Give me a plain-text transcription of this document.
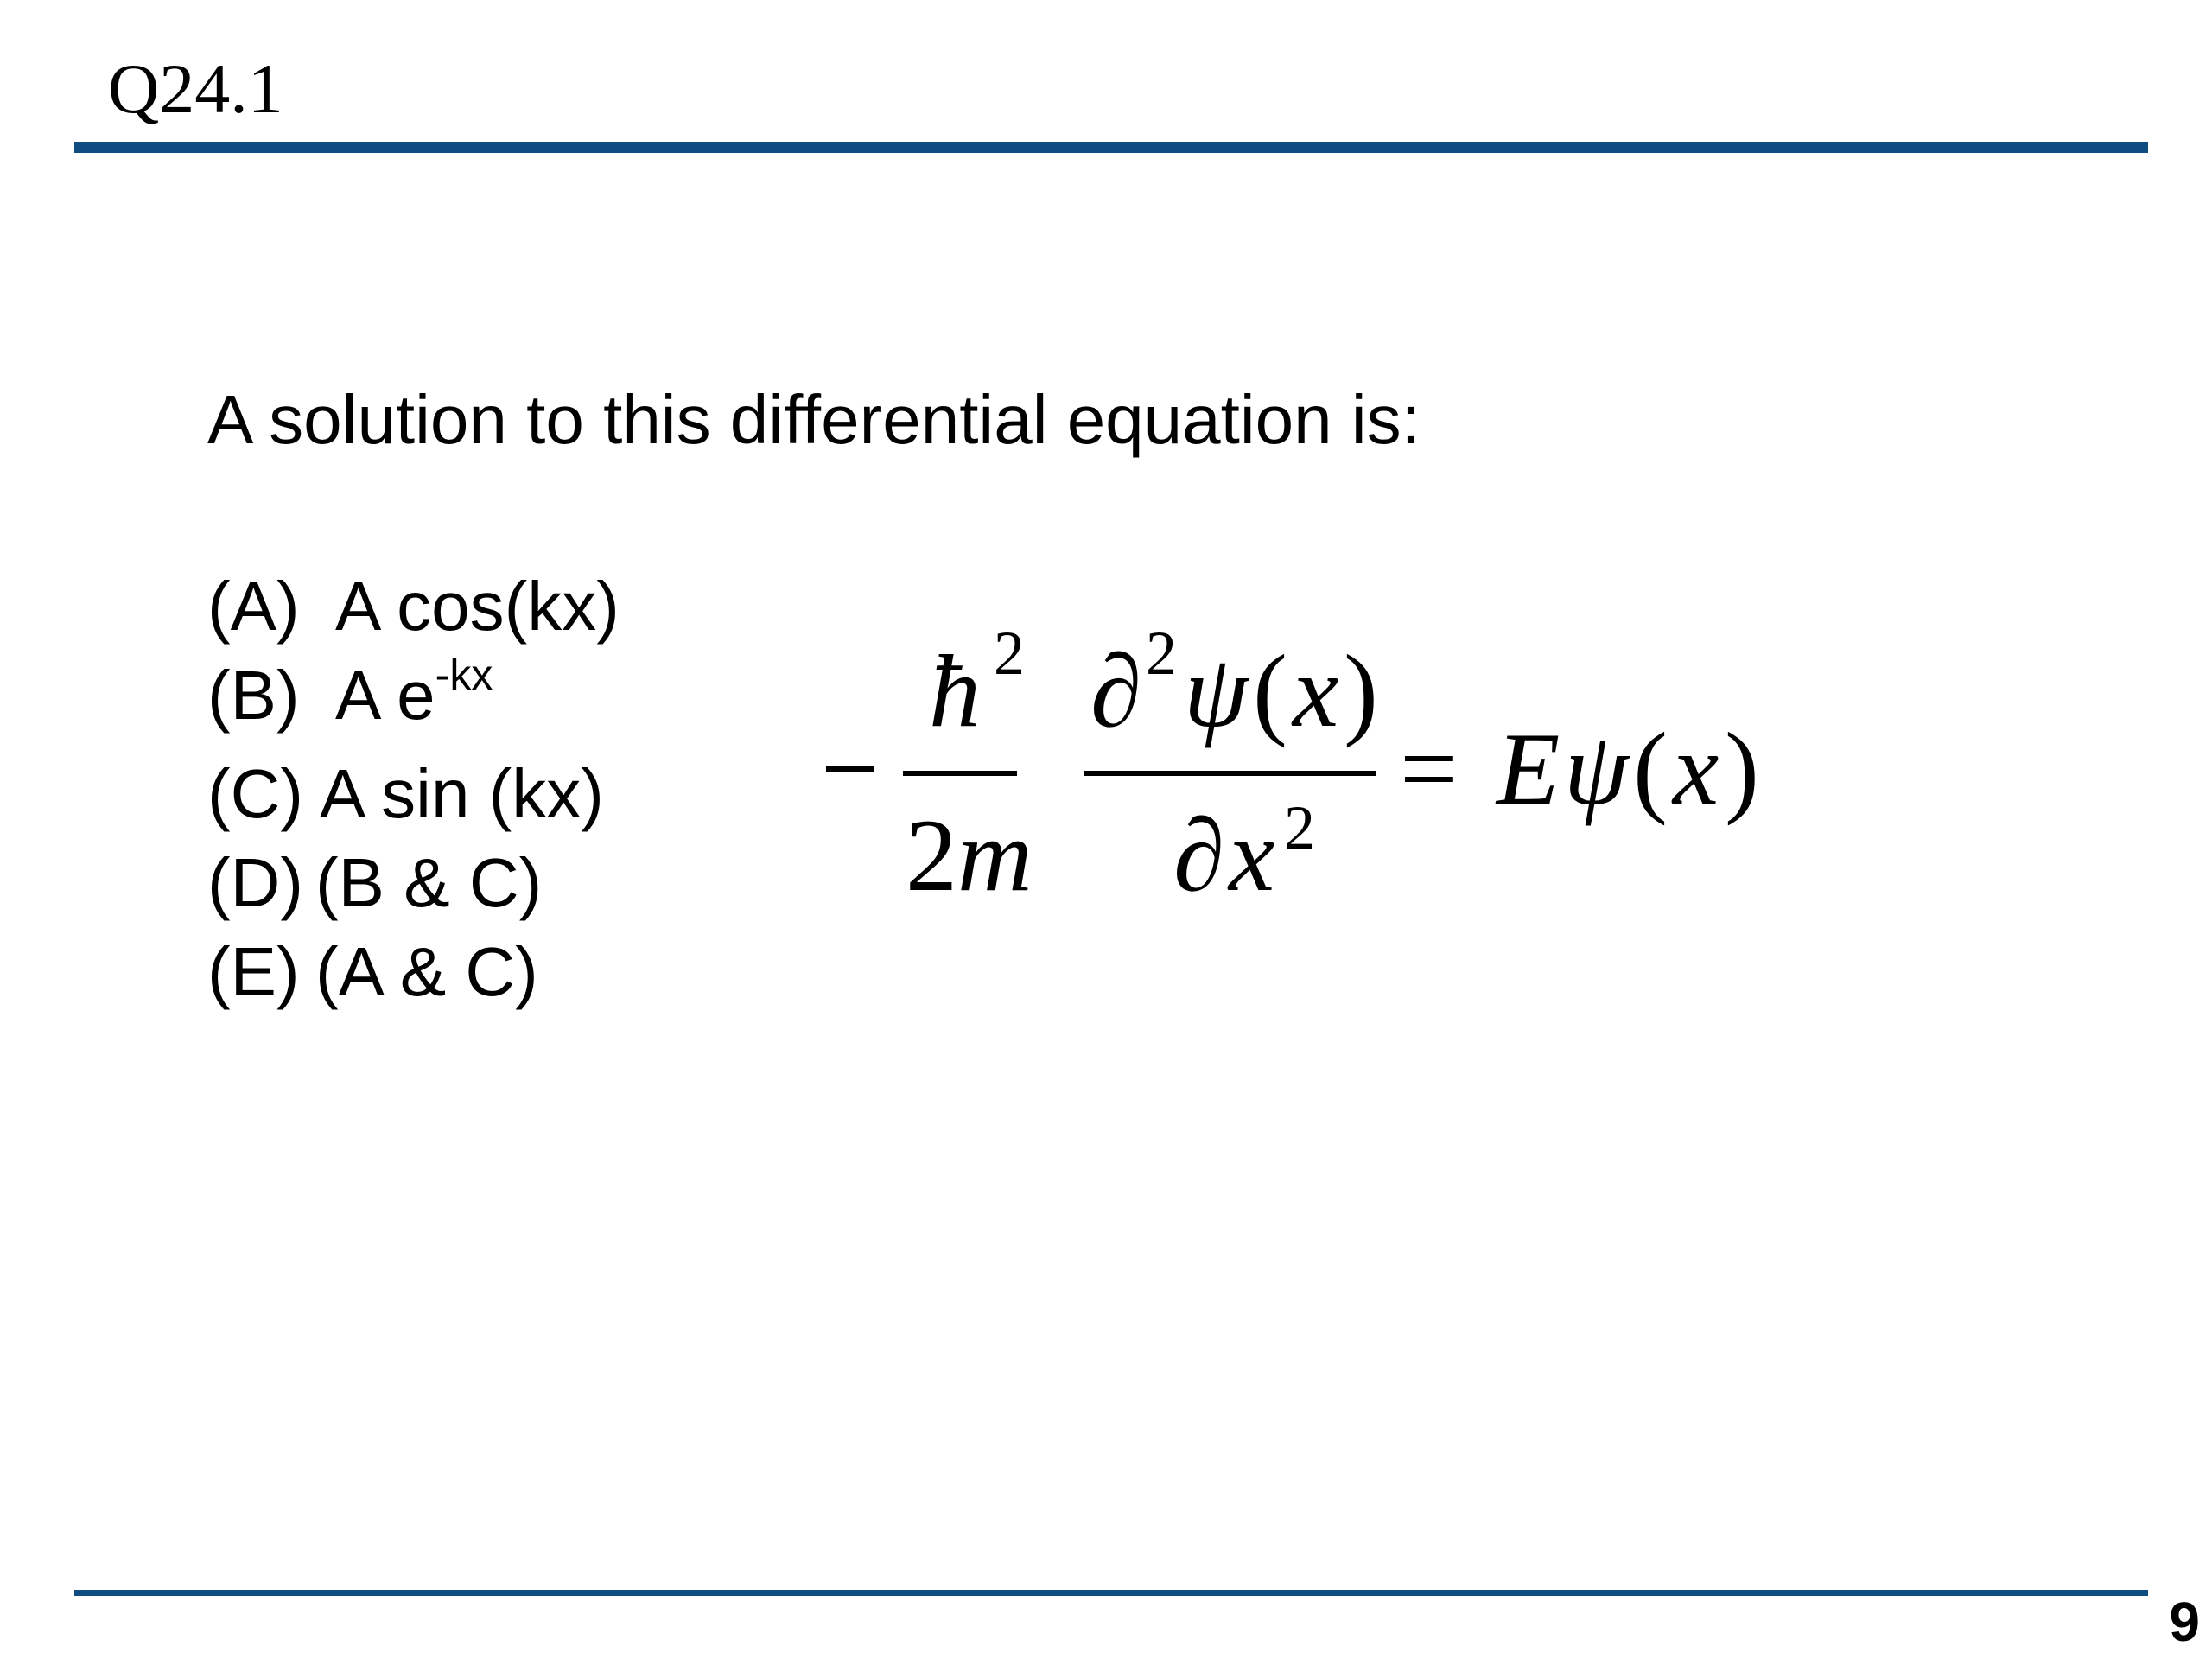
Q24.1
A solution to this differential equation is:
(A) A cos(kx)
(B) A $e^{-kx}$
(C) A sin (kx)
(D) (B & C)
(E) (A & C)
−
ħ 2
2 m
∂ 2 ψ ( x )
∂ x 2
= E ψ ( x )
9
